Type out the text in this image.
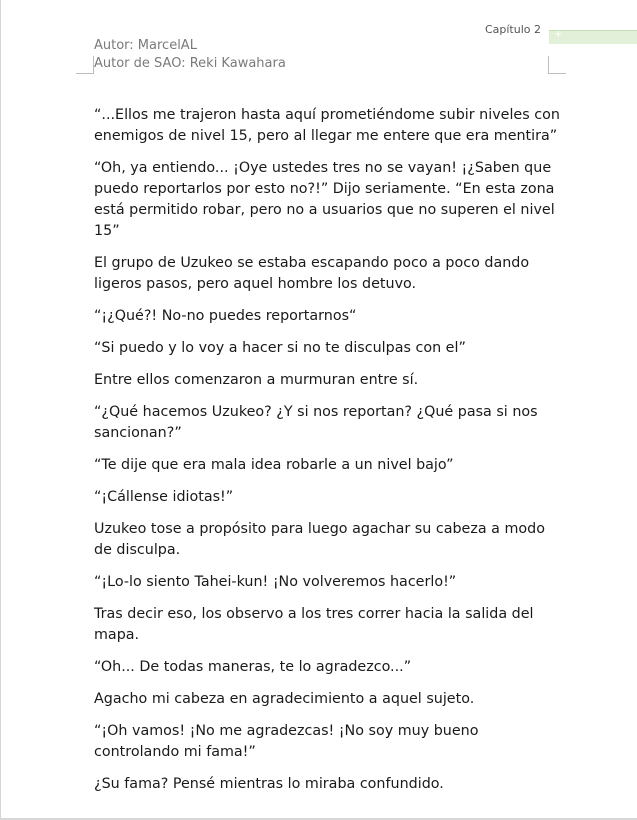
Capítulo 2 +
Autor: MarcelAL
Autor de SAO: Reki Kawahara

“...Ellos me trajeron hasta aquí prometiéndome subir niveles con enemigos de nivel 15, pero al llegar me entere que era mentira”

“Oh, ya entiendo... ¡Oye ustedes tres no se vayan! ¡¿Saben que puedo reportarlos por esto no?!” Dijo seriamente. “En esta zona está permitido robar, pero no a usuarios que no superen el nivel 15”

El grupo de Uzukeo se estaba escapando poco a poco dando ligeros pasos, pero aquel hombre los detuvo.

“¡¿Qué?! No-no puedes reportarnos“

“Si puedo y lo voy a hacer si no te disculpas con el”

Entre ellos comenzaron a murmuran entre sí.

“¿Qué hacemos Uzukeo? ¿Y si nos reportan? ¿Qué pasa si nos sancionan?”

“Te dije que era mala idea robarle a un nivel bajo”

“¡Cállense idiotas!”

Uzukeo tose a propósito para luego agachar su cabeza a modo de disculpa.

“¡Lo-lo siento Tahei-kun! ¡No volveremos hacerlo!”

Tras decir eso, los observo a los tres correr hacia la salida del mapa.

“Oh... De todas maneras, te lo agradezco...”

Agacho mi cabeza en agradecimiento a aquel sujeto.

“¡Oh vamos! ¡No me agradezcas! ¡No soy muy bueno controlando mi fama!”

¿Su fama? Pensé mientras lo miraba confundido.
